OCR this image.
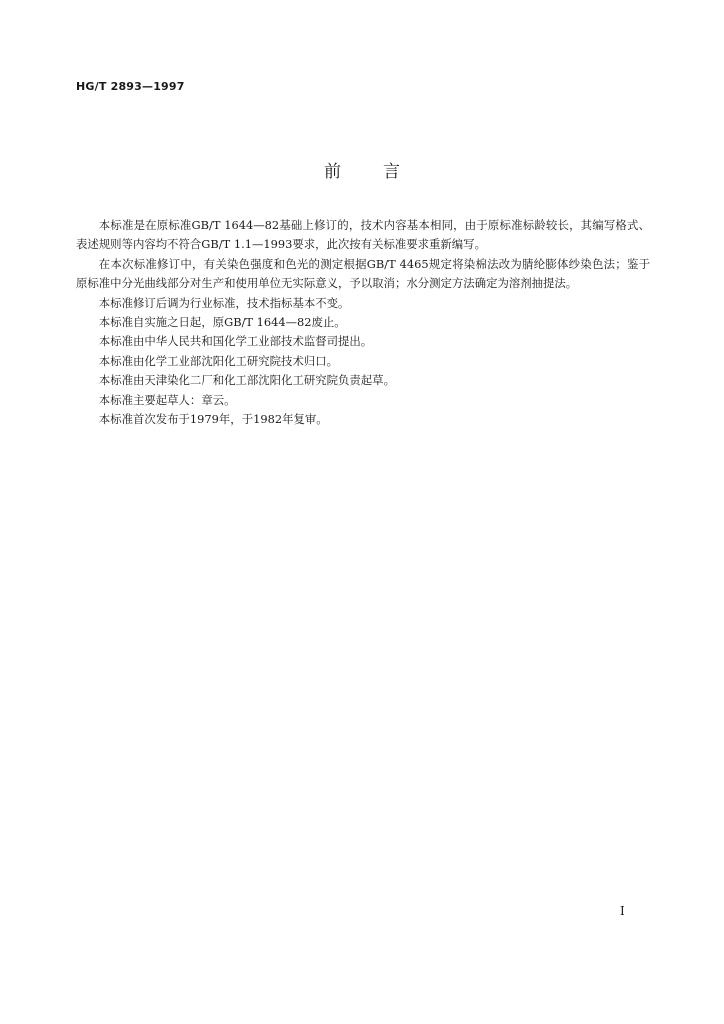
HG/T 2893—1997
前言

本标准是在原标准GB/T 1644—82基础上修订的，技术内容基本相同，由于原标准标龄较长，其编写格式、表述规则等内容均不符合GB/T 1.1—1993要求，此次按有关标准要求重新编写。

在本次标准修订中，有关染色强度和色光的测定根据GB/T 4465规定将染棉法改为腈纶膨体纱染色法；鉴于原标准中分光曲线部分对生产和使用单位无实际意义，予以取消；水分测定方法确定为溶剂抽提法。

本标准修订后调为行业标准，技术指标基本不变。

本标准自实施之日起，原GB/T 1644—82废止。

本标准由中华人民共和国化学工业部技术监督司提出。

本标准由化学工业部沈阳化工研究院技术归口。

本标准由天津染化二厂和化工部沈阳化工研究院负责起草。

本标准主要起草人：章云。

本标准首次发布于1979年，于1982年复审。

I
